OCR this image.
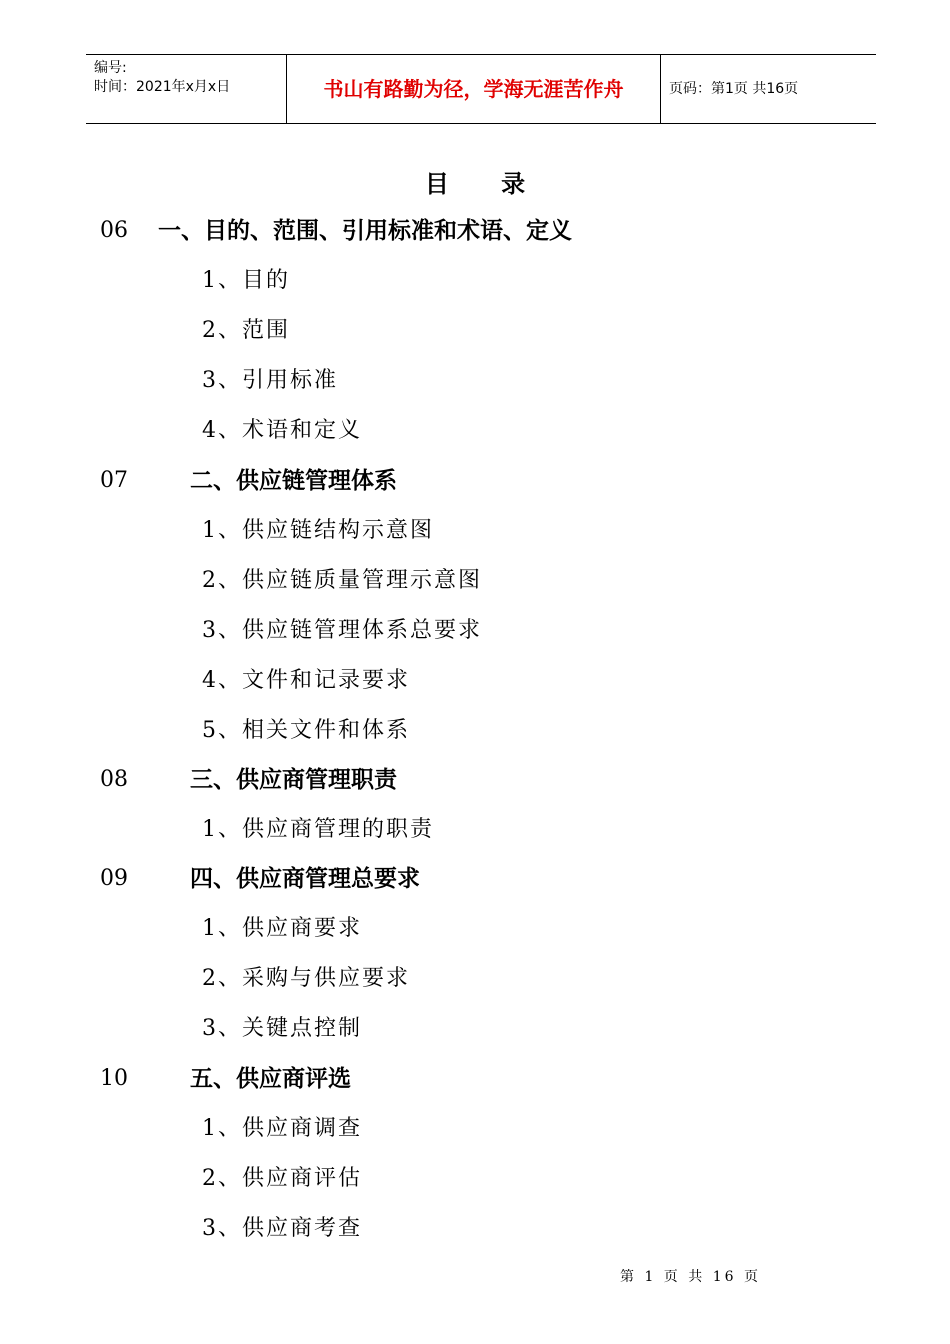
编号:
时间：2021年x月x日	书山有路勤为径，学海无涯苦作舟	页码：第1页 共16页
目 录
06 一、目的、范围、引用标准和术语、定义
1、目的
2、范围
3、引用标准
4、术语和定义
07	二、供应链管理体系
1、供应链结构示意图
2、供应链质量管理示意图
3、供应链管理体系总要求
4、文件和记录要求
5、相关文件和体系
08	三、供应商管理职责
1、供应商管理的职责
09	四、供应商管理总要求
1、供应商要求
2、采购与供应要求
3、关键点控制
10	五、供应商评选
1、供应商调查
2、供应商评估
3、供应商考查
第 1 页 共 16 页
